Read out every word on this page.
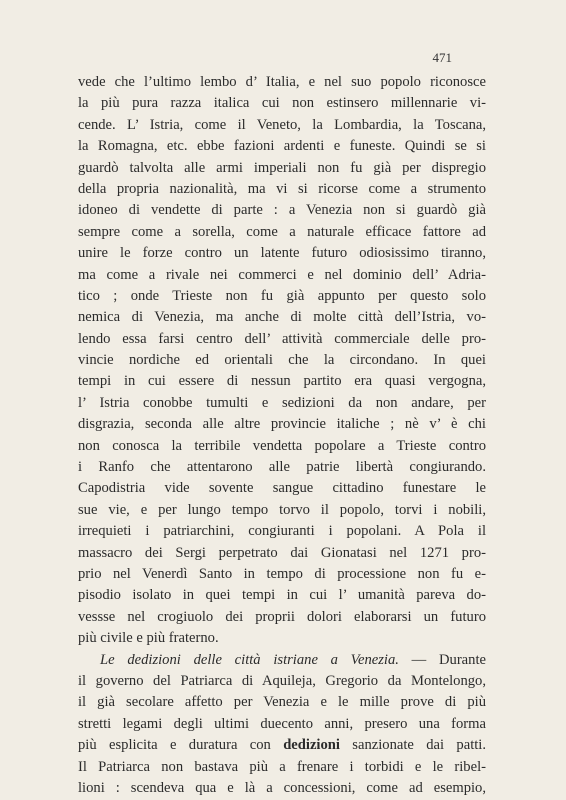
471
vede che l’ultimo lembo d’ Italia, e nel suo popolo riconosce
la più pura razza italica cui non estinsero millennarie vi-
cende. L’ Istria, come il Veneto, la Lombardia, la Toscana,
la Romagna, etc. ebbe fazioni ardenti e funeste. Quindi se si
guardò talvolta alle armi imperiali non fu già per dispregio
della propria nazionalità, ma vi si ricorse come a strumento
idoneo di vendette di parte : a Venezia non si guardò già
sempre come a sorella, come a naturale efficace fattore ad
unire le forze contro un latente futuro odiosissimo tiranno,
ma come a rivale nei commerci e nel dominio dell’ Adria-
tico ; onde Trieste non fu già appunto per questo solo
nemica di Venezia, ma anche di molte città dell’Istria, vo-
lendo essa farsi centro dell’ attività commerciale delle pro-
vincie nordiche ed orientali che la circondano. In quei
tempi in cui essere di nessun partito era quasi vergogna,
l’ Istria conobbe tumulti e sedizioni da non andare, per
disgrazia, seconda alle altre provincie italiche ; nè v’ è chi
non conosca la terribile vendetta popolare a Trieste contro
i Ranfo che attentarono alle patrie libertà congiurando.
Capodistria vide sovente sangue cittadino funestare le
sue vie, e per lungo tempo torvo il popolo, torvi i nobili,
irrequieti i patriarchini, congiuranti i popolani. A Pola il
massacro dei Sergi perpetrato dai Gionatasi nel 1271 pro-
prio nel Venerdì Santo in tempo di processione non fu e-
pisodio isolato in quei tempi in cui l’ umanità pareva do-
vessse nel crogiuolo dei proprii dolori elaborarsi un futuro
più civile e più fraterno.
Le dedizioni delle città istriane a Venezia. — Durante
il governo del Patriarca di Aquileja, Gregorio da Montelongo,
il già secolare affetto per Venezia e le mille prove di più
stretti legami degli ultimi duecento anni, presero una forma
più esplicita e duratura con dedizioni sanzionate dai patti.
Il Patriarca non bastava più a frenare i torbidi e le ribel-
lioni : scendeva qua e là a concessioni, come ad esempio,
